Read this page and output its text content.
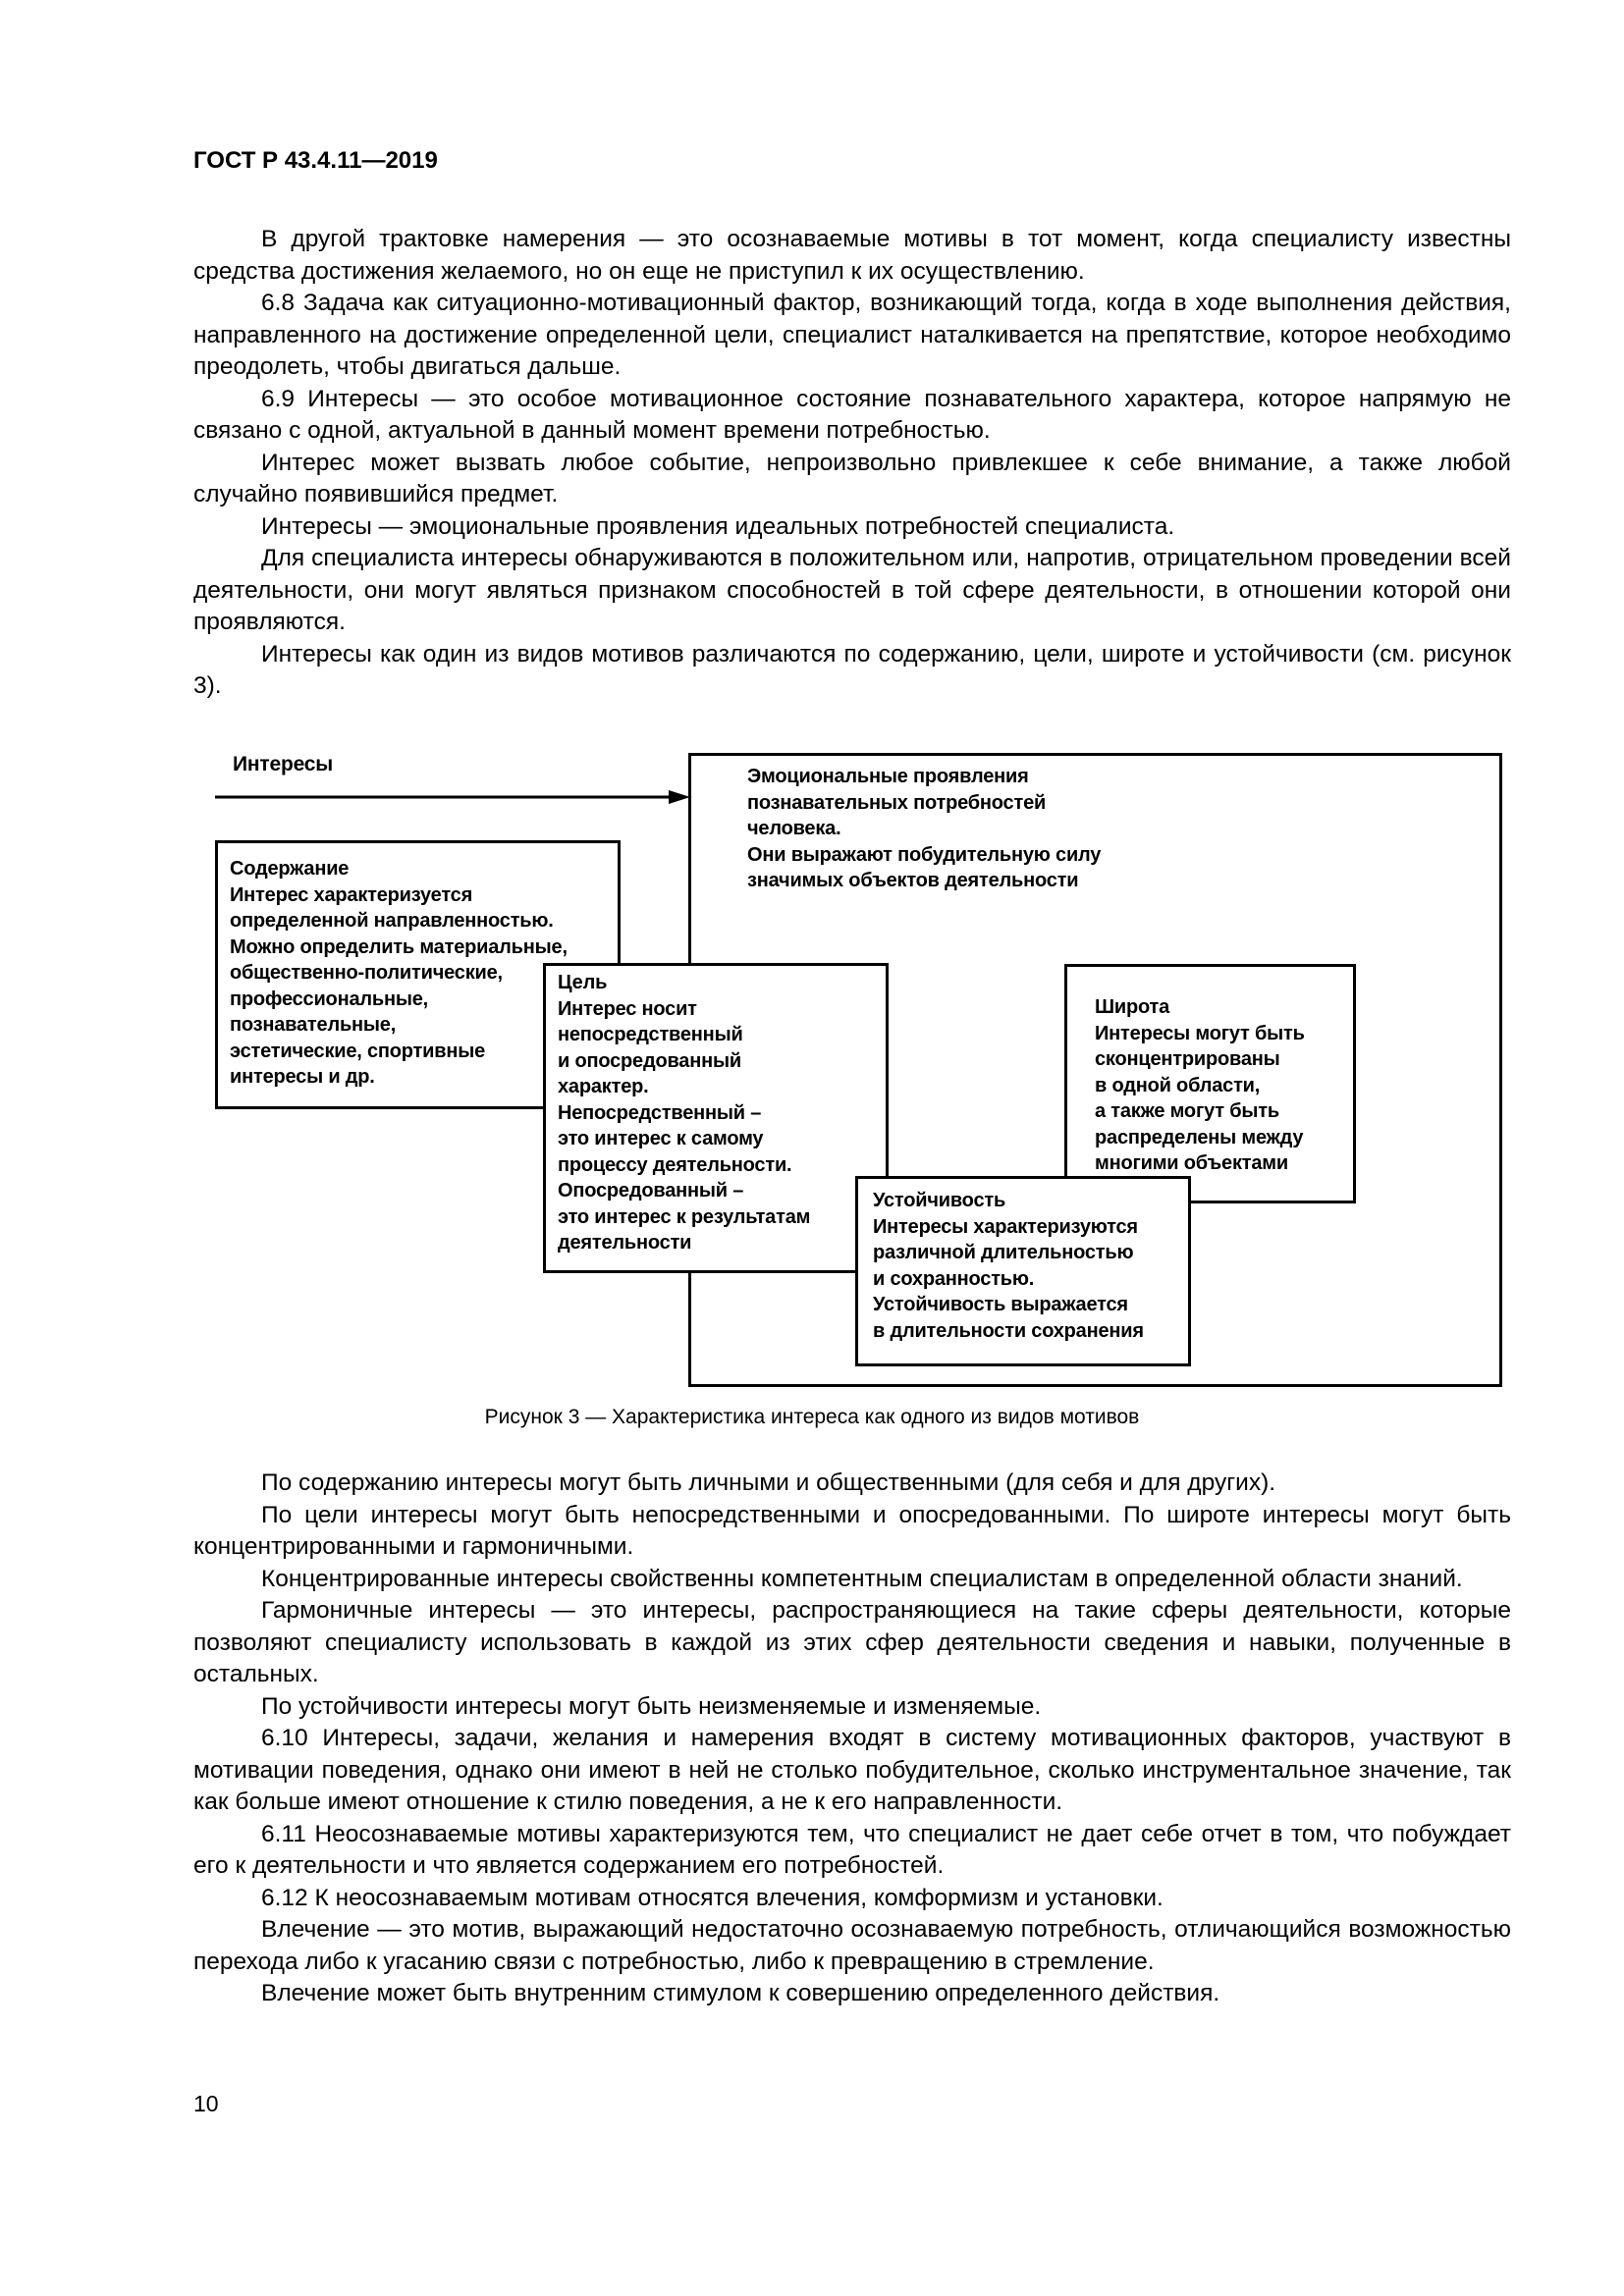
ГОСТ Р 43.4.11—2019

В другой трактовке намерения — это осознаваемые мотивы в тот момент, когда специалисту известны средства достижения желаемого, но он еще не приступил к их осуществлению.

6.8 Задача как ситуационно-мотивационный фактор, возникающий тогда, когда в ходе выполнения действия, направленного на достижение определенной цели, специалист наталкивается на препятствие, которое необходимо преодолеть, чтобы двигаться дальше.

6.9 Интересы — это особое мотивационное состояние познавательного характера, которое напрямую не связано с одной, актуальной в данный момент времени потребностью.

Интерес может вызвать любое событие, непроизвольно привлекшее к себе внимание, а также любой случайно появившийся предмет.

Интересы — эмоциональные проявления идеальных потребностей специалиста.

Для специалиста интересы обнаруживаются в положительном или, напротив, отрицательном проведении всей деятельности, они могут являться признаком способностей в той сфере деятельности, в отношении которой они проявляются.

Интересы как один из видов мотивов различаются по содержанию, цели, широте и устойчивости (см. рисунок 3).

Интересы
Эмоциональные проявления
познавательных потребностей
человека.
Они выражают побудительную силу
значимых объектов деятельности
Содержание
Интерес характеризуется
определенной направленностью.
Можно определить материальные,
общественно-политические,
профессиональные,
познавательные,
эстетические, спортивные
интересы и др.
Цель
Интерес носит
непосредственный
и опосредованный
характер.
Непосредственный –
это интерес к самому
процессу деятельности.
Опосредованный –
это интерес к результатам
деятельности
Широта
Интересы могут быть
сконцентрированы
в одной области,
а также могут быть
распределены между
многими объектами
Устойчивость
Интересы характеризуются
различной длительностью
и сохранностью.
Устойчивость выражается
в длительности сохранения
Рисунок 3 — Характеристика интереса как одного из видов мотивов

По содержанию интересы могут быть личными и общественными (для себя и для других).

По цели интересы могут быть непосредственными и опосредованными. По широте интересы могут быть концентрированными и гармоничными.

Концентрированные интересы свойственны компетентным специалистам в определенной области знаний.

Гармоничные интересы — это интересы, распространяющиеся на такие сферы деятельности, которые позволяют специалисту использовать в каждой из этих сфер деятельности сведения и навыки, полученные в остальных.

По устойчивости интересы могут быть неизменяемые и изменяемые.

6.10 Интересы, задачи, желания и намерения входят в систему мотивационных факторов, участвуют в мотивации поведения, однако они имеют в ней не столько побудительное, сколько инструментальное значение, так как больше имеют отношение к стилю поведения, а не к его направленности.

6.11 Неосознаваемые мотивы характеризуются тем, что специалист не дает себе отчет в том, что побуждает его к деятельности и что является содержанием его потребностей.

6.12 К неосознаваемым мотивам относятся влечения, комформизм и установки.

Влечение — это мотив, выражающий недостаточно осознаваемую потребность, отличающийся возможностью перехода либо к угасанию связи с потребностью, либо к превращению в стремление.

Влечение может быть внутренним стимулом к совершению определенного действия.

10
